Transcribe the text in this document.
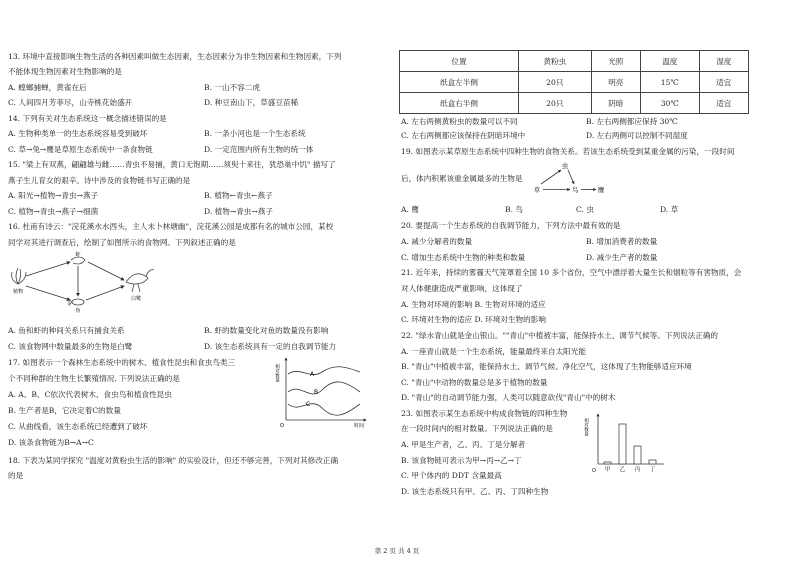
13. 环境中直接影响生物生活的各种因素叫做生态因素，生态因素分为非生物因素和生物因素，下列
不能体现生物因素对生物影响的是
A. 螳螂捕蝉，黄雀在后	B. 一山不容二虎
C. 人间四月芳菲尽，山寺桃花始盛开	D. 种豆南山下，草盛豆苗稀
14. 下列有关对生态系统这一概念描述错误的是
A. 生物种类单一的生态系统容易受到破坏	B. 一条小河也是一个生态系统
C. 草→兔→鹰是草原生态系统中一条食物链	D. 一定范围内所有生物的统一体
15. "梁上有双燕，翩翩雄与雌……青虫不易捕，黄口无饱期……须臾十来往，犹恐巢中饥" 描写了
燕子生儿育女的艰辛。诗中涉及的食物链书写正确的是
A. 阳光→植物→青虫→燕子	B. 植物←青虫←燕子
C. 植物→青虫→燕子→细菌	D. 植物→青虫→燕子
16. 杜甫有诗云："浣花溪水水西头，主人未卜林塘幽"，浣花溪公园是成都有名的城市公园，某校
同学对其进行调查后，绘制了如图所示的食物网。下列叙述正确的是
虾
植物
鱼
白鹭
A. 鱼和虾的种间关系只有捕食关系	B. 虾的数量变化对鱼的数量没有影响
C. 该食物网中数量最多的生物是白鹭	D. 该生态系统具有一定的自我调节能力
17. 如图表示一个森林生态系统中的树木、植食性昆虫和食虫鸟类三
个不同种群的生物生长繁殖情况. 下列说法正确的是
A. A、B、C依次代表树木、食虫鸟和植食性昆虫
B. 生产者是B，它决定着C的数量
C. 从曲线看，该生态系统已经遭到了破坏
D. 该条食物链为B→A→C
A
B
C
O	时间
相对数量
18. 下表为某同学探究 "温度对黄粉虫生活的影响" 的实验设计，但还不够完善，下列对其修改正确
的是
位置	黄粉虫	光照	温度	湿度
纸盒左半侧	20只	明亮	15℃	适宜
纸盒右半侧	20只	阴暗	30℃	适宜
A. 左右两侧黄粉虫的数量可以不同	B. 左右两侧都应保持 30℃
C. 左右两侧都应该保持在阴暗环境中	D. 左右两侧可以控制不同湿度
19. 如图表示某草原生态系统中四种生物的食物关系。若该生态系统受到某重金属的污染，一段时间
后，体内积累该重金属最多的生物是
虫
草	鸟	鹰
A. 鹰	B. 鸟	C. 虫	D. 草
20. 要提高一个生态系统的自我调节能力，下列方法中最有效的是
A. 减少分解者的数量	B. 增加消费者的数量
C. 增加生态系统中生物的种类和数量	D. 减少生产者的数量
21. 近年来，持续的雾霾天气笼罩着全国 10 多个省份，空气中漂浮着大量生长和烟粒等有害物质，会
对人体健康造成严重影响，这体现了
A. 生物对环境的影响 B. 生物对环境的适应
C. 环境对生物的适应 D. 环境对生物的影响
22. "绿水青山就是金山银山。""青山"中植被丰富，能保持水土、调节气候等。下列说法正确的
A. 一座青山就是一个生态系统，能量最终来自太阳光能
B. "青山"中植被丰富，能保持水土、调节气候、净化空气，这体现了生物能够适应环境
C. "青山"中动物的数量总是多于植物的数量
D. "青山"的自动调节能力强，人类可以随意砍伐"青山"中的树木
23. 如图表示某生态系统中构成食物链的四种生物
在一段时间内的相对数量。下列说法正确的是
A. 甲是生产者，乙、丙、丁是分解者
B. 该食物链可表示为甲→丙→乙→丁
C. 甲个体内的 DDT 含量最高
D. 该生态系统只有甲、乙、丙、丁四种生物
相对数量
O 甲 乙 丙 丁
第 2 页 共 4 页
